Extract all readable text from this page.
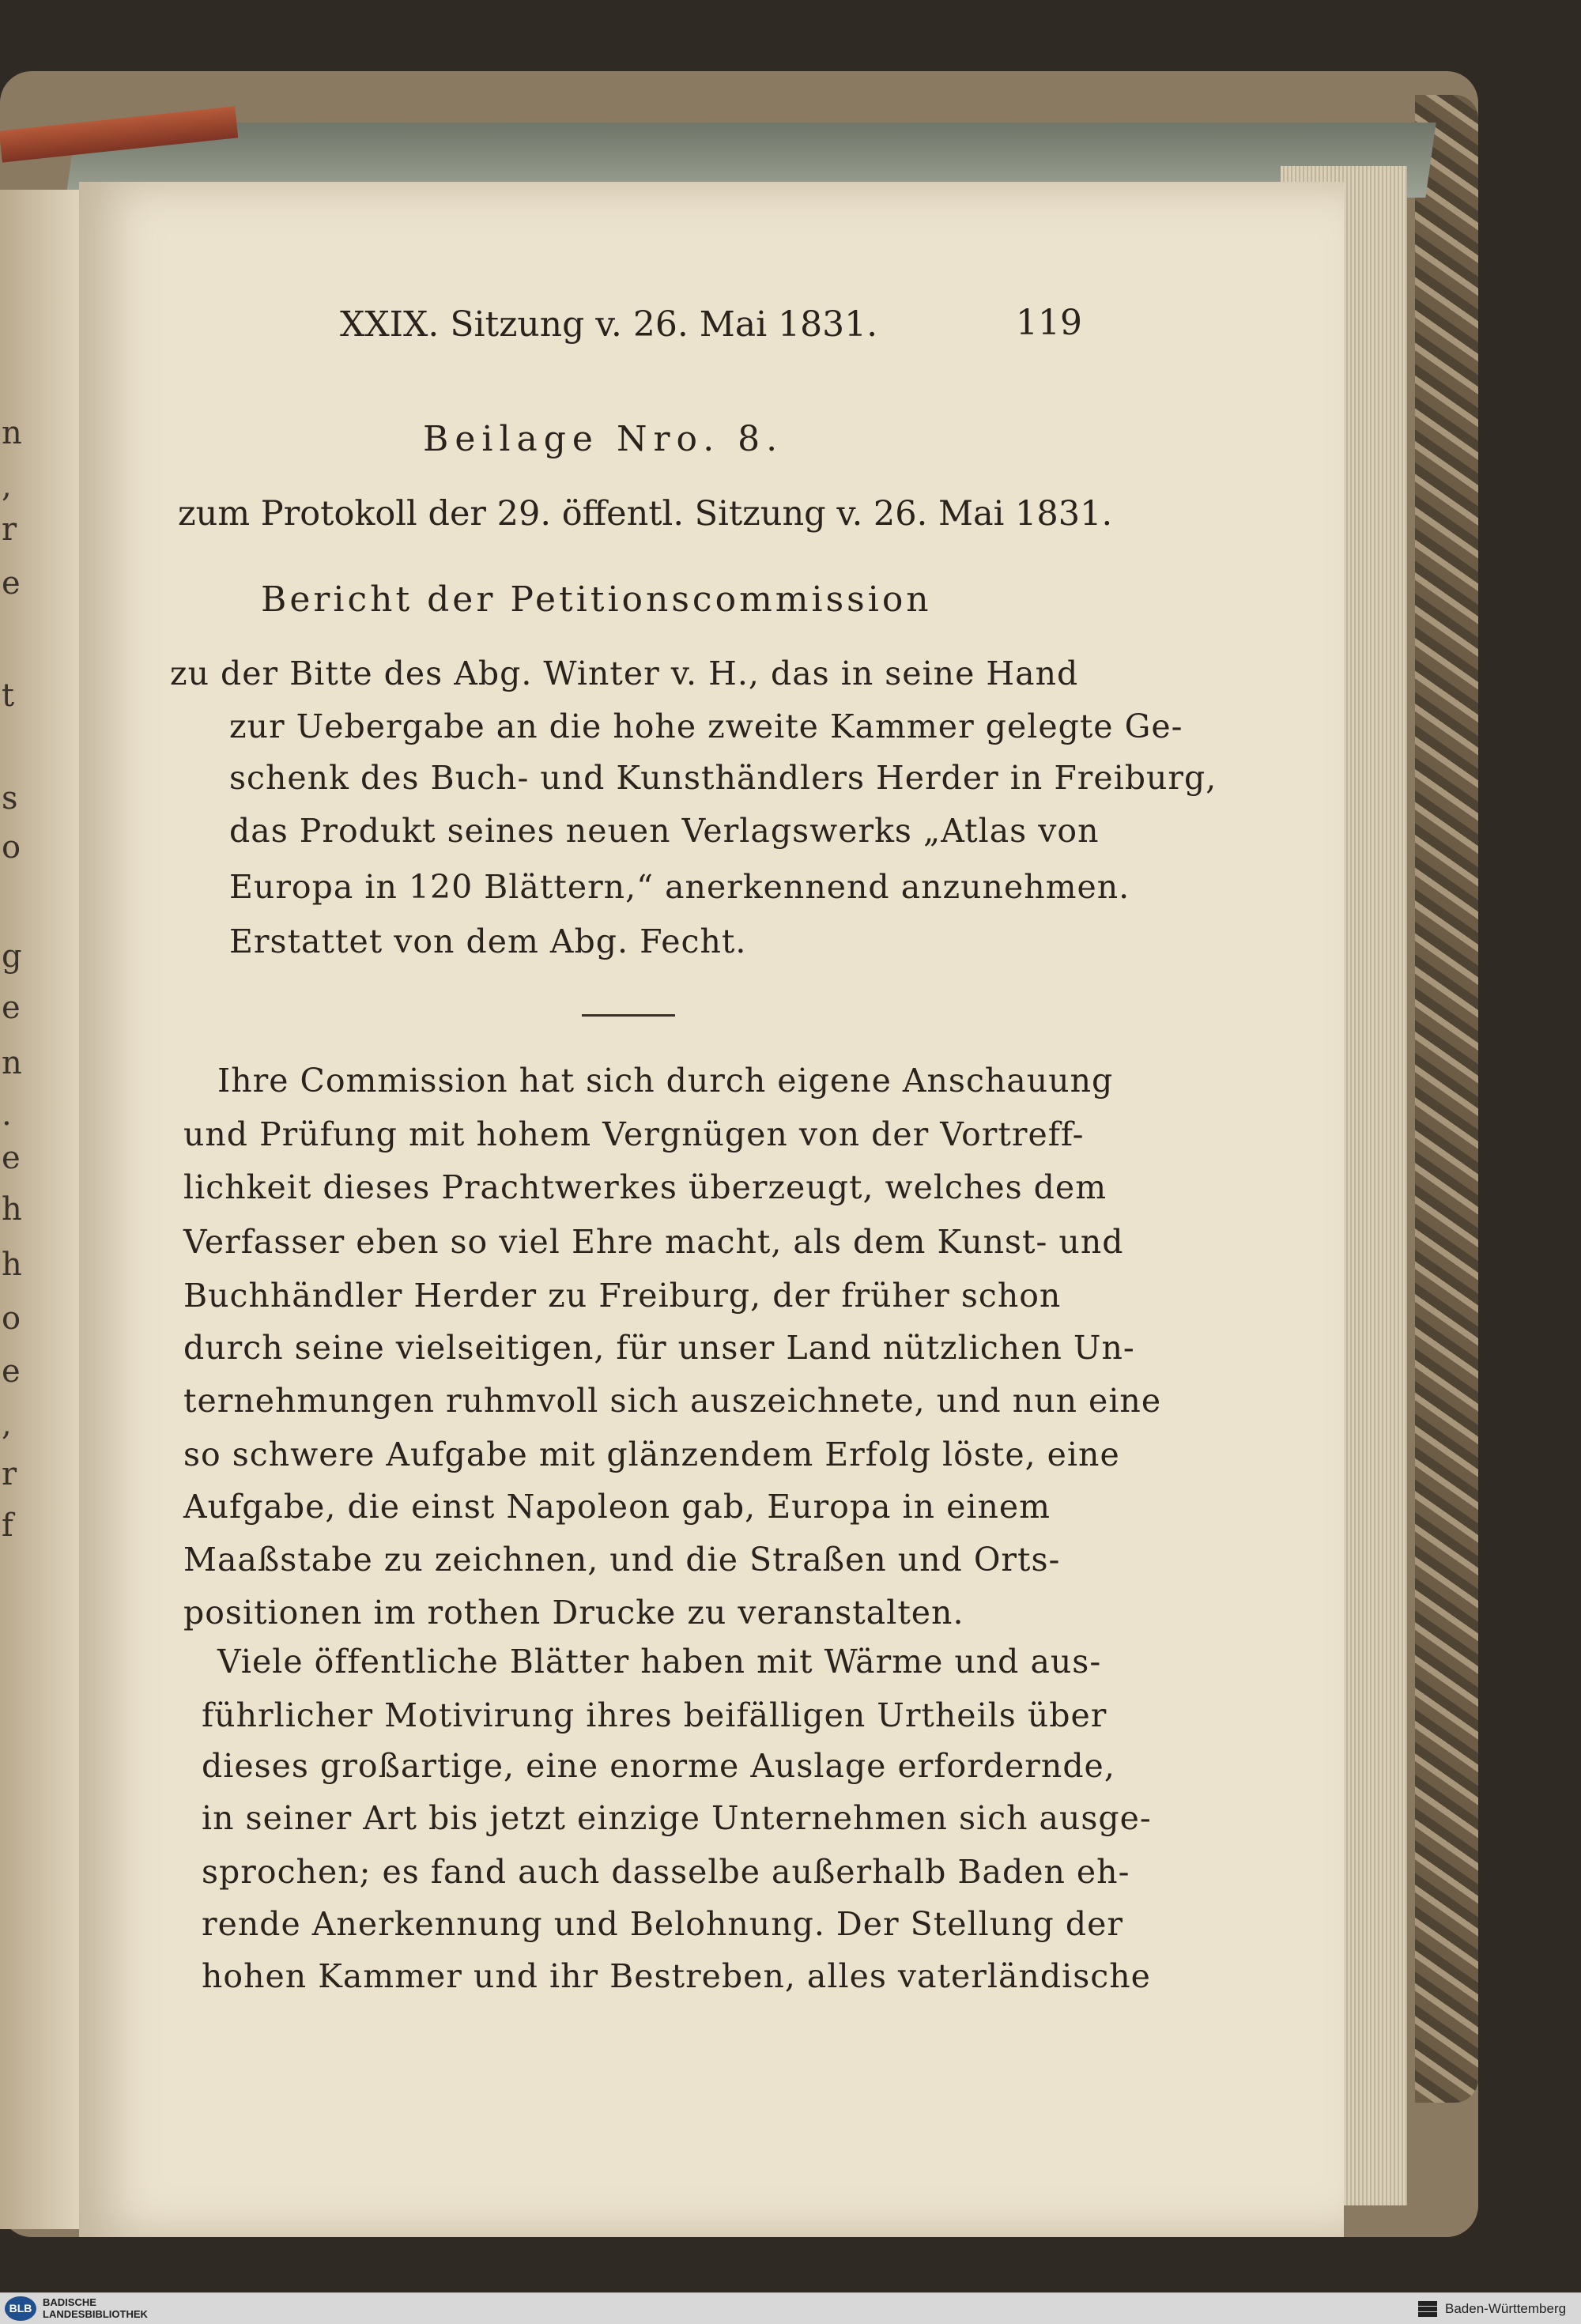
XXIX. Sitzung v. 26. Mai 1831.	119
Beilage Nro. 8.
zum Protokoll der 29. öffentl. Sitzung v. 26. Mai 1831.
Bericht der Petitionscommission
zu der Bitte des Abg. Winter v. H., das in seine Hand
zur Uebergabe an die hohe zweite Kammer gelegte Ge-
schenk des Buch- und Kunsthändlers Herder in Freiburg,
das Produkt seines neuen Verlagswerks „Atlas von
Europa in 120 Blättern,“ anerkennend anzunehmen.
Erstattet von dem Abg. Fecht.
Ihre Commission hat sich durch eigene Anschauung
und Prüfung mit hohem Vergnügen von der Vortreff-
lichkeit dieses Prachtwerkes überzeugt, welches dem
Verfasser eben so viel Ehre macht, als dem Kunst- und
Buchhändler Herder zu Freiburg, der früher schon
durch seine vielseitigen, für unser Land nützlichen Un-
ternehmungen ruhmvoll sich auszeichnete, und nun eine
so schwere Aufgabe mit glänzendem Erfolg löste, eine
Aufgabe, die einst Napoleon gab, Europa in einem
Maaßstabe zu zeichnen, und die Straßen und Orts-
positionen im rothen Drucke zu veranstalten.
Viele öffentliche Blätter haben mit Wärme und aus-
führlicher Motivirung ihres beifälligen Urtheils über
dieses großartige, eine enorme Auslage erfordernde,
in seiner Art bis jetzt einzige Unternehmen sich ausge-
sprochen; es fand auch dasselbe außerhalb Baden eh-
rende Anerkennung und Belohnung. Der Stellung der
hohen Kammer und ihr Bestreben, alles vaterländische
BLB	BADISCHE
LANDESBIBLIOTHEK	Baden-Württemberg
